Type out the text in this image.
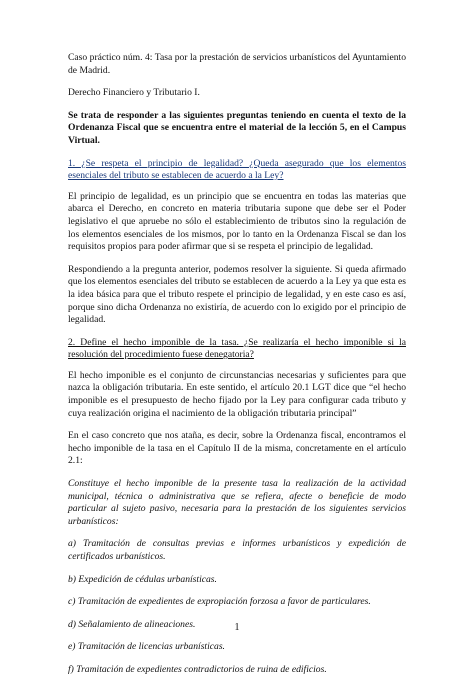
Caso práctico núm. 4: Tasa por la prestación de servicios urbanísticos del Ayuntamiento de Madrid.

Derecho Financiero y Tributario I.

Se trata de responder a las siguientes preguntas teniendo en cuenta el texto de la Ordenanza Fiscal que se encuentra entre el material de la lección 5, en el Campus Virtual.

1. ¿Se respeta el principio de legalidad? ¿Queda asegurado que los elementos esenciales del tributo se establecen de acuerdo a la Ley?

El principio de legalidad, es un principio que se encuentra en todas las materias que abarca el Derecho, en concreto en materia tributaria supone que debe ser el Poder legislativo el que apruebe no sólo el establecimiento de tributos sino la regulación de los elementos esenciales de los mismos, por lo tanto en la Ordenanza Fiscal se dan los requisitos propios para poder afirmar que si se respeta el principio de legalidad.

Respondiendo a la pregunta anterior, podemos resolver la siguiente. Si queda afirmado que los elementos esenciales del tributo se establecen de acuerdo a la Ley ya que esta es la idea básica para que el tributo respete el principio de legalidad, y en este caso es así, porque sino dicha Ordenanza no existiría, de acuerdo con lo exigido por el principio de legalidad.

2. Define el hecho imponible de la tasa. ¿Se realizaría el hecho imponible si la resolución del procedimiento fuese denegatoria?

El hecho imponible es el conjunto de circunstancias necesarias y suficientes para que nazca la obligación tributaria. En este sentido, el artículo 20.1 LGT dice que “el hecho imponible es el presupuesto de hecho fijado por la Ley para configurar cada tributo y cuya realización origina el nacimiento de la obligación tributaria principal”

En el caso concreto que nos ataña, es decir, sobre la Ordenanza fiscal, encontramos el hecho imponible de la tasa en el Capítulo II de la misma, concretamente en el artículo 2.1:

Constituye el hecho imponible de la presente tasa la realización de la actividad municipal, técnica o administrativa que se refiera, afecte o beneficie de modo particular al sujeto pasivo, necesaria para la prestación de los siguientes servicios urbanísticos:

a) Tramitación de consultas previas e informes urbanísticos y expedición de certificados urbanísticos.

b) Expedición de cédulas urbanísticas.

c) Tramitación de expedientes de expropiación forzosa a favor de particulares.

d) Señalamiento de alineaciones.

e) Tramitación de licencias urbanísticas.

f) Tramitación de expedientes contradictorios de ruina de edificios.

1
